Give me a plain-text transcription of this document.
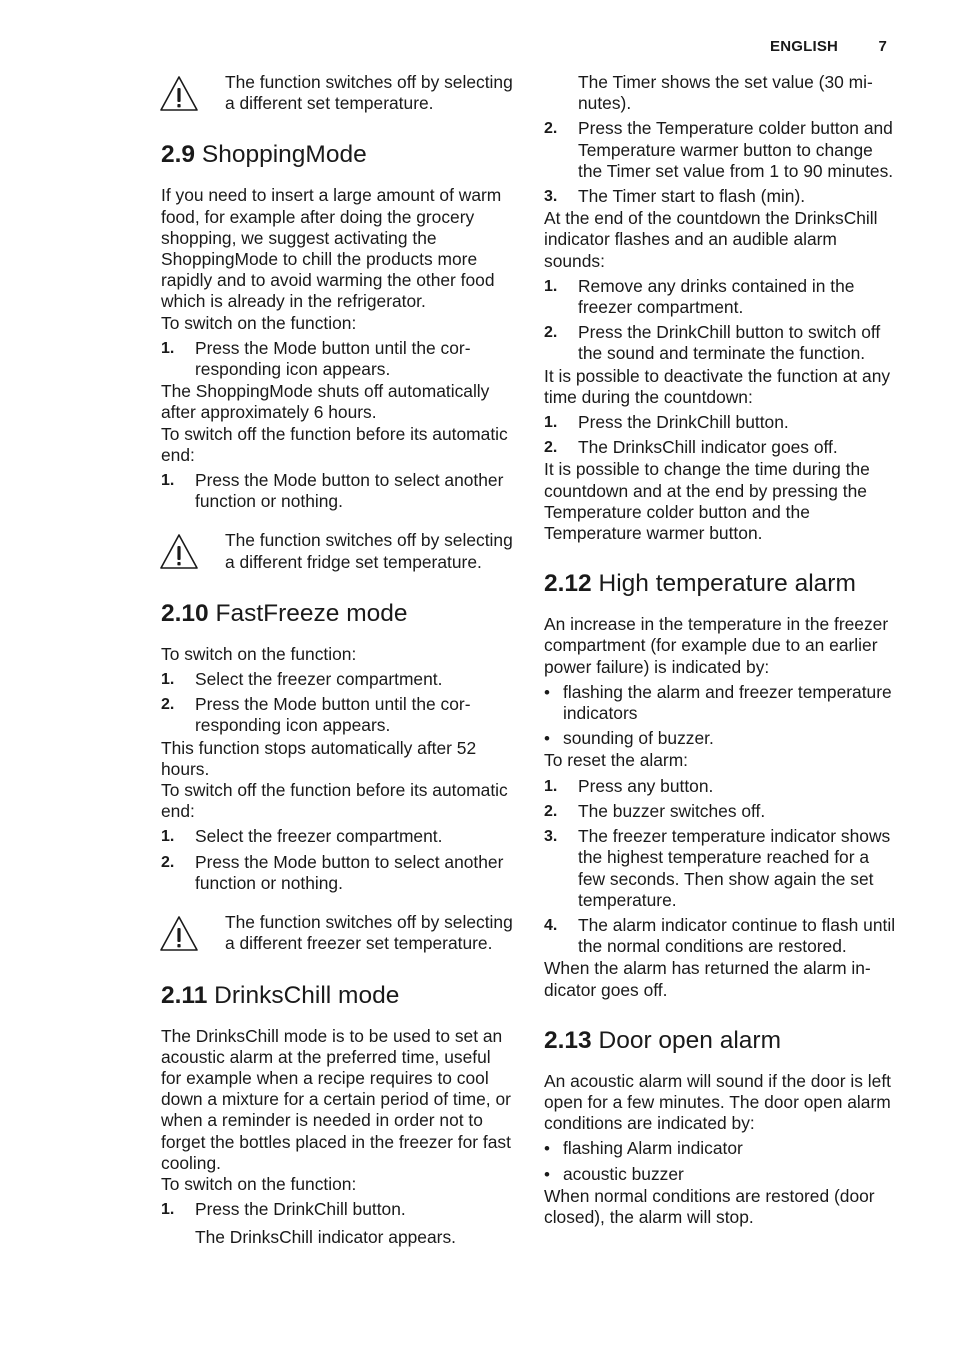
ENGLISH	7

The function switches off by selecting a different set temperature.

2.9 ShoppingMode

If you need to insert a large amount of warm food, for example after doing the grocery shopping, we suggest activating the ShoppingMode to chill the products more rapidly and to avoid warming the other food which is already in the refrigerator.

To switch on the function:

1.	Press the Mode button until the corresponding icon appears.

The ShoppingMode shuts off automatically after approximately 6 hours.

To switch off the function before its automatic end:

1.	Press the Mode button to select another function or nothing.

The function switches off by selecting a different fridge set temperature.

2.10 FastFreeze mode

To switch on the function:

1.	Select the freezer compartment.

2.	Press the Mode button until the corresponding icon appears.

This function stops automatically after 52 hours.

To switch off the function before its automatic end:

1.	Select the freezer compartment.

2.	Press the Mode button to select another function or nothing.

The function switches off by selecting a different freezer set temperature.

2.11 DrinksChill mode

The DrinksChill mode is to be used to set an acoustic alarm at the preferred time, useful for example when a recipe requires to cool down a mixture for a certain period of time, or when a reminder is needed in order not to forget the bottles placed in the freezer for fast cooling.

To switch on the function:

1.	Press the DrinkChill button.

The DrinksChill indicator appears.

The Timer shows the set value (30 minutes).

2.	Press the Temperature colder button and Temperature warmer button to change the Timer set value from 1 to 90 minutes.

3.	The Timer start to flash (min).

At the end of the countdown the DrinksChill indicator flashes and an audible alarm sounds:

1.	Remove any drinks contained in the freezer compartment.

2.	Press the DrinkChill button to switch off the sound and terminate the function.

It is possible to deactivate the function at any time during the countdown:

1.	Press the DrinkChill button.

2.	The DrinksChill indicator goes off.

It is possible to change the time during the countdown and at the end by pressing the Temperature colder button and the Temperature warmer button.

2.12 High temperature alarm

An increase in the temperature in the freezer compartment (for example due to an earlier power failure) is indicated by:

• flashing the alarm and freezer temperature indicators

• sounding of buzzer.

To reset the alarm:

1.	Press any button.

2.	The buzzer switches off.

3.	The freezer temperature indicator shows the highest temperature reached for a few seconds. Then show again the set temperature.

4.	The alarm indicator continue to flash until the normal conditions are restored.

When the alarm has returned the alarm indicator goes off.

2.13 Door open alarm

An acoustic alarm will sound if the door is left open for a few minutes. The door open alarm conditions are indicated by:

• flashing Alarm indicator

• acoustic buzzer

When normal conditions are restored (door closed), the alarm will stop.
